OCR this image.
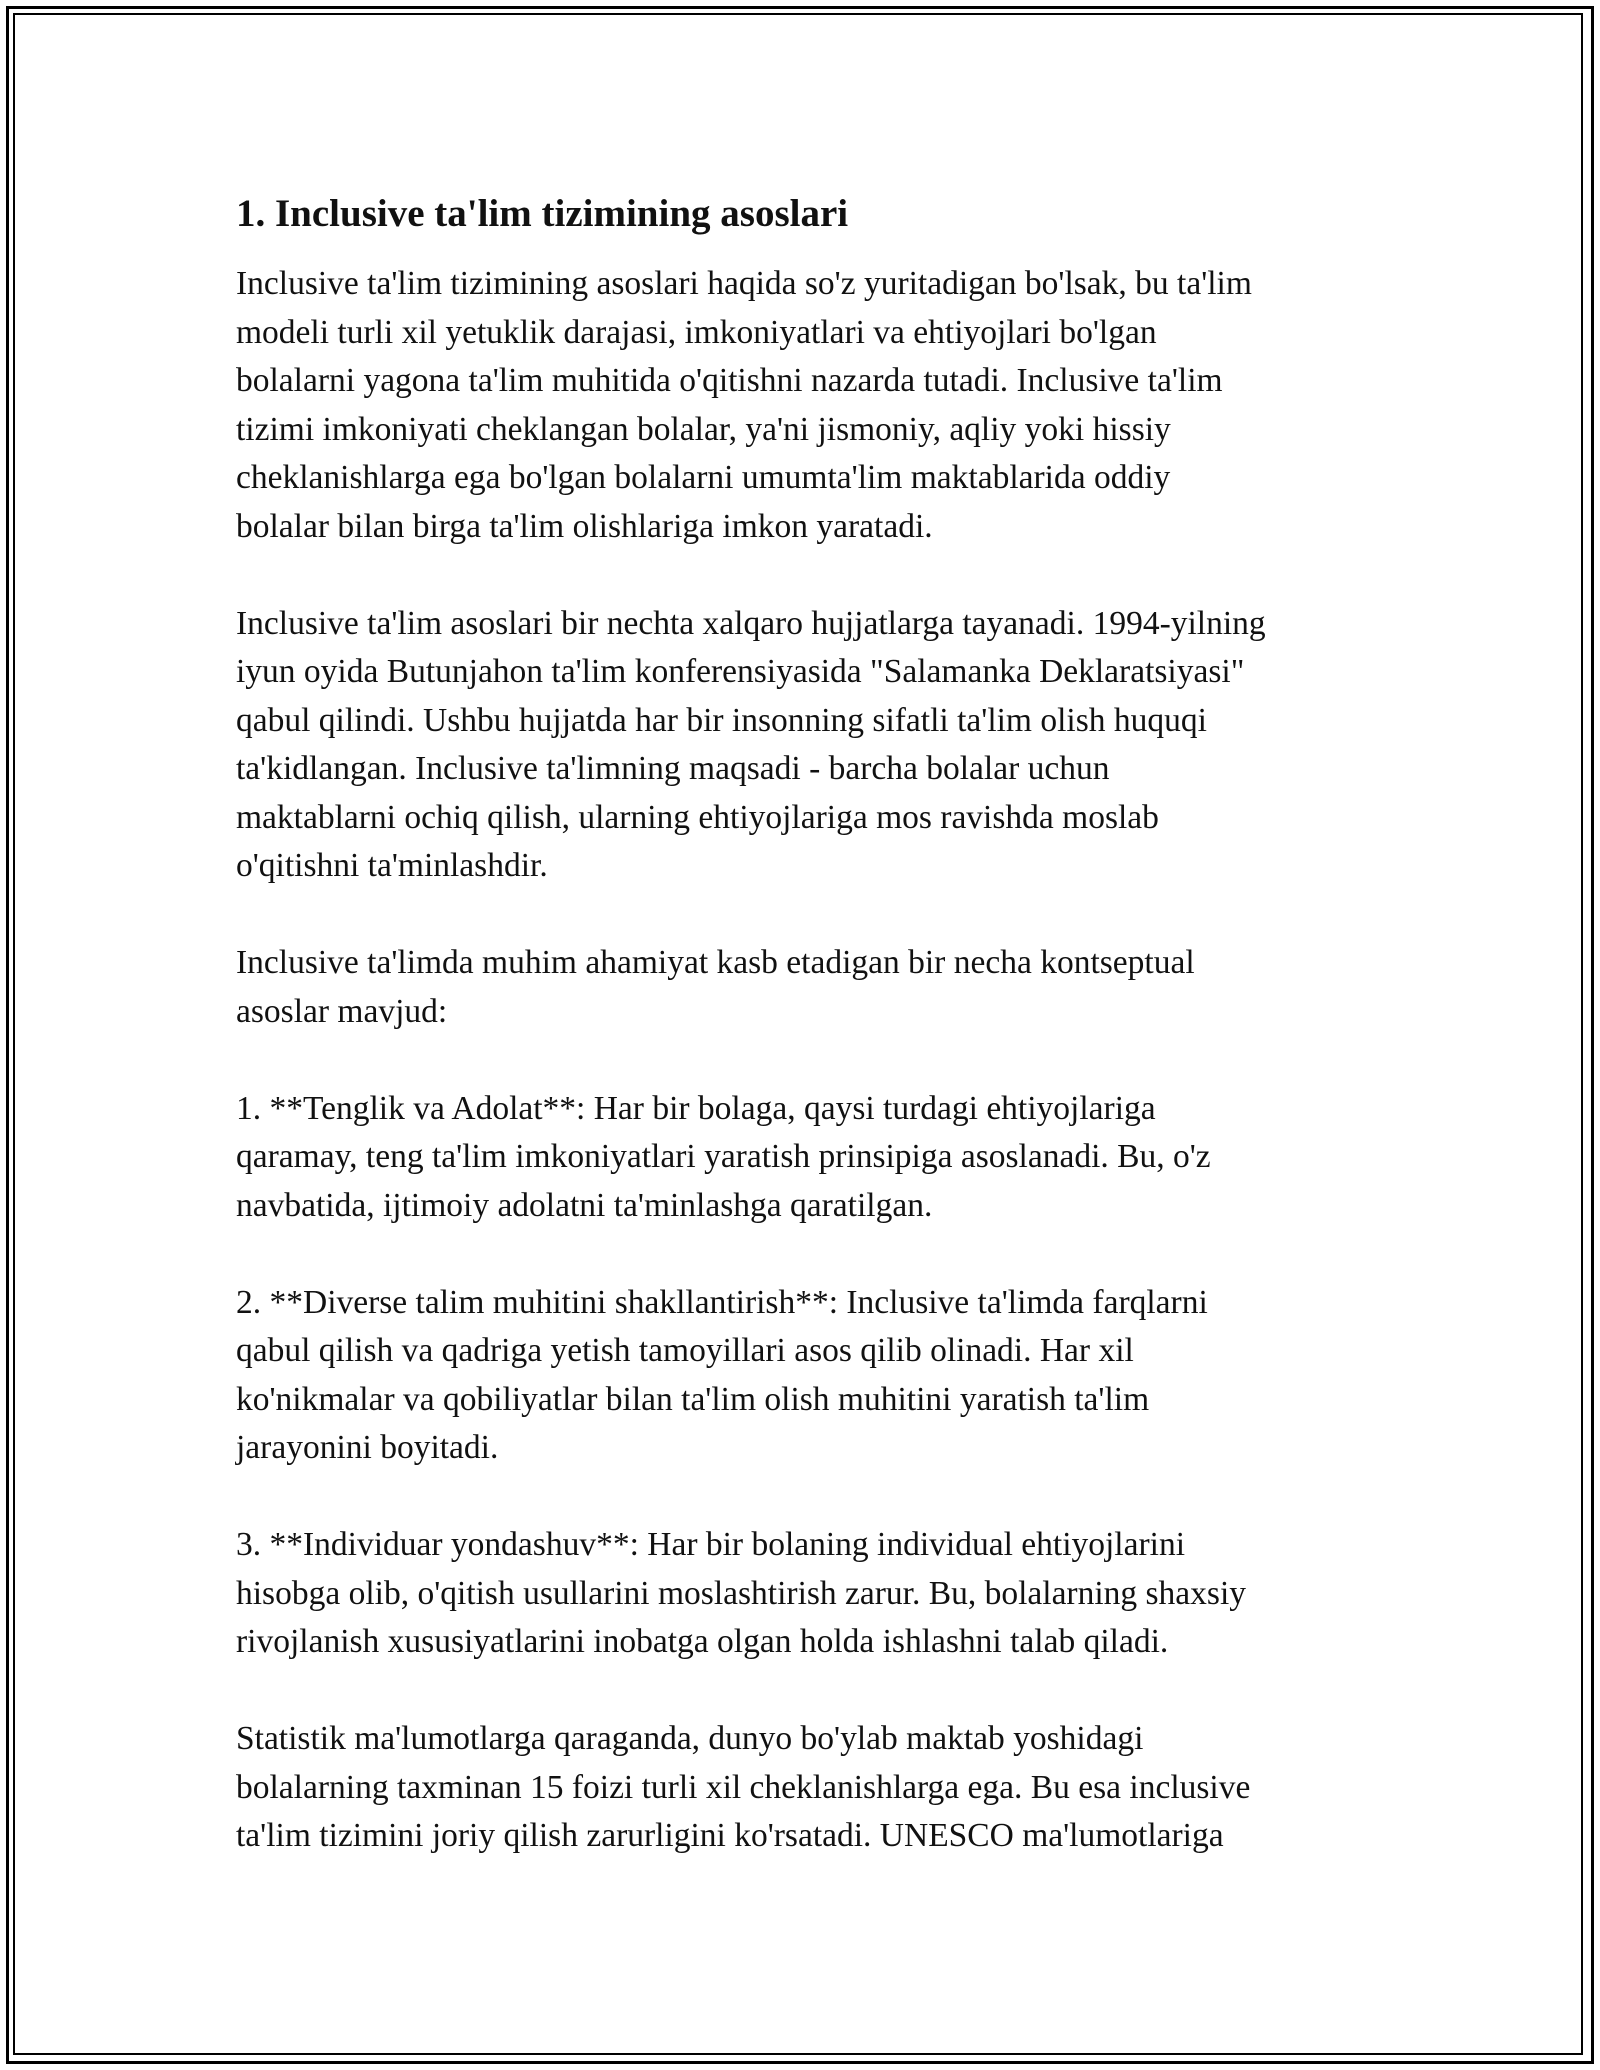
1. Inclusive ta'lim tizimining asoslari
Inclusive ta'lim tizimining asoslari haqida so'z yuritadigan bo'lsak, bu ta'lim
modeli turli xil yetuklik darajasi, imkoniyatlari va ehtiyojlari bo'lgan
bolalarni yagona ta'lim muhitida o'qitishni nazarda tutadi. Inclusive ta'lim
tizimi imkoniyati cheklangan bolalar, ya'ni jismoniy, aqliy yoki hissiy
cheklanishlarga ega bo'lgan bolalarni umumta'lim maktablarida oddiy
bolalar bilan birga ta'lim olishlariga imkon yaratadi.
Inclusive ta'lim asoslari bir nechta xalqaro hujjatlarga tayanadi. 1994-yilning
iyun oyida Butunjahon ta'lim konferensiyasida "Salamanka Deklaratsiyasi"
qabul qilindi. Ushbu hujjatda har bir insonning sifatli ta'lim olish huquqi
ta'kidlangan. Inclusive ta'limning maqsadi - barcha bolalar uchun
maktablarni ochiq qilish, ularning ehtiyojlariga mos ravishda moslab
o'qitishni ta'minlashdir.
Inclusive ta'limda muhim ahamiyat kasb etadigan bir necha kontseptual
asoslar mavjud:
1. **Tenglik va Adolat**: Har bir bolaga, qaysi turdagi ehtiyojlariga
qaramay, teng ta'lim imkoniyatlari yaratish prinsipiga asoslanadi. Bu, o'z
navbatida, ijtimoiy adolatni ta'minlashga qaratilgan.
2. **Diverse talim muhitini shakllantirish**: Inclusive ta'limda farqlarni
qabul qilish va qadriga yetish tamoyillari asos qilib olinadi. Har xil
ko'nikmalar va qobiliyatlar bilan ta'lim olish muhitini yaratish ta'lim
jarayonini boyitadi.
3. **Individuar yondashuv**: Har bir bolaning individual ehtiyojlarini
hisobga olib, o'qitish usullarini moslashtirish zarur. Bu, bolalarning shaxsiy
rivojlanish xususiyatlarini inobatga olgan holda ishlashni talab qiladi.
Statistik ma'lumotlarga qaraganda, dunyo bo'ylab maktab yoshidagi
bolalarning taxminan 15 foizi turli xil cheklanishlarga ega. Bu esa inclusive
ta'lim tizimini joriy qilish zarurligini ko'rsatadi. UNESCO ma'lumotlariga
